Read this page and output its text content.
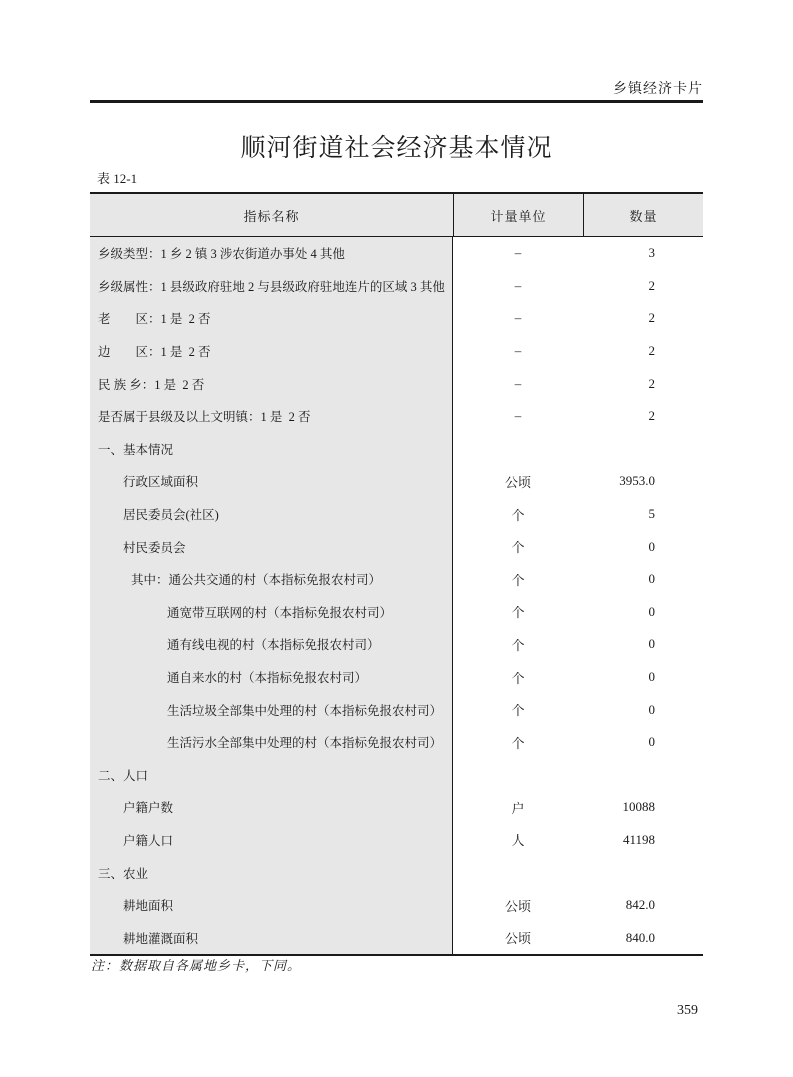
乡镇经济卡片
顺河街道社会经济基本情况
表 12-1
指标名称	计量单位	数量
乡级类型：1 乡 2 镇 3 涉农街道办事处 4 其他	–	3
乡级属性：1 县级政府驻地 2 与县级政府驻地连片的区域 3 其他	–	2
老　　区：1 是  2 否	–	2
边　　区：1 是  2 否	–	2
民 族 乡：1 是  2 否	–	2
是否属于县级及以上文明镇：1 是  2 否	–	2
一、基本情况
行政区域面积	公顷	3953.0
居民委员会(社区)	个	5
村民委员会	个	0
其中：通公共交通的村（本指标免报农村司）	个	0
通宽带互联网的村（本指标免报农村司）	个	0
通有线电视的村（本指标免报农村司）	个	0
通自来水的村（本指标免报农村司）	个	0
生活垃圾全部集中处理的村（本指标免报农村司）	个	0
生活污水全部集中处理的村（本指标免报农村司）	个	0
二、人口
户籍户数	户	10088
户籍人口	人	41198
三、农业
耕地面积	公顷	842.0
耕地灌溉面积	公顷	840.0
注：数据取自各属地乡卡，下同。
359
